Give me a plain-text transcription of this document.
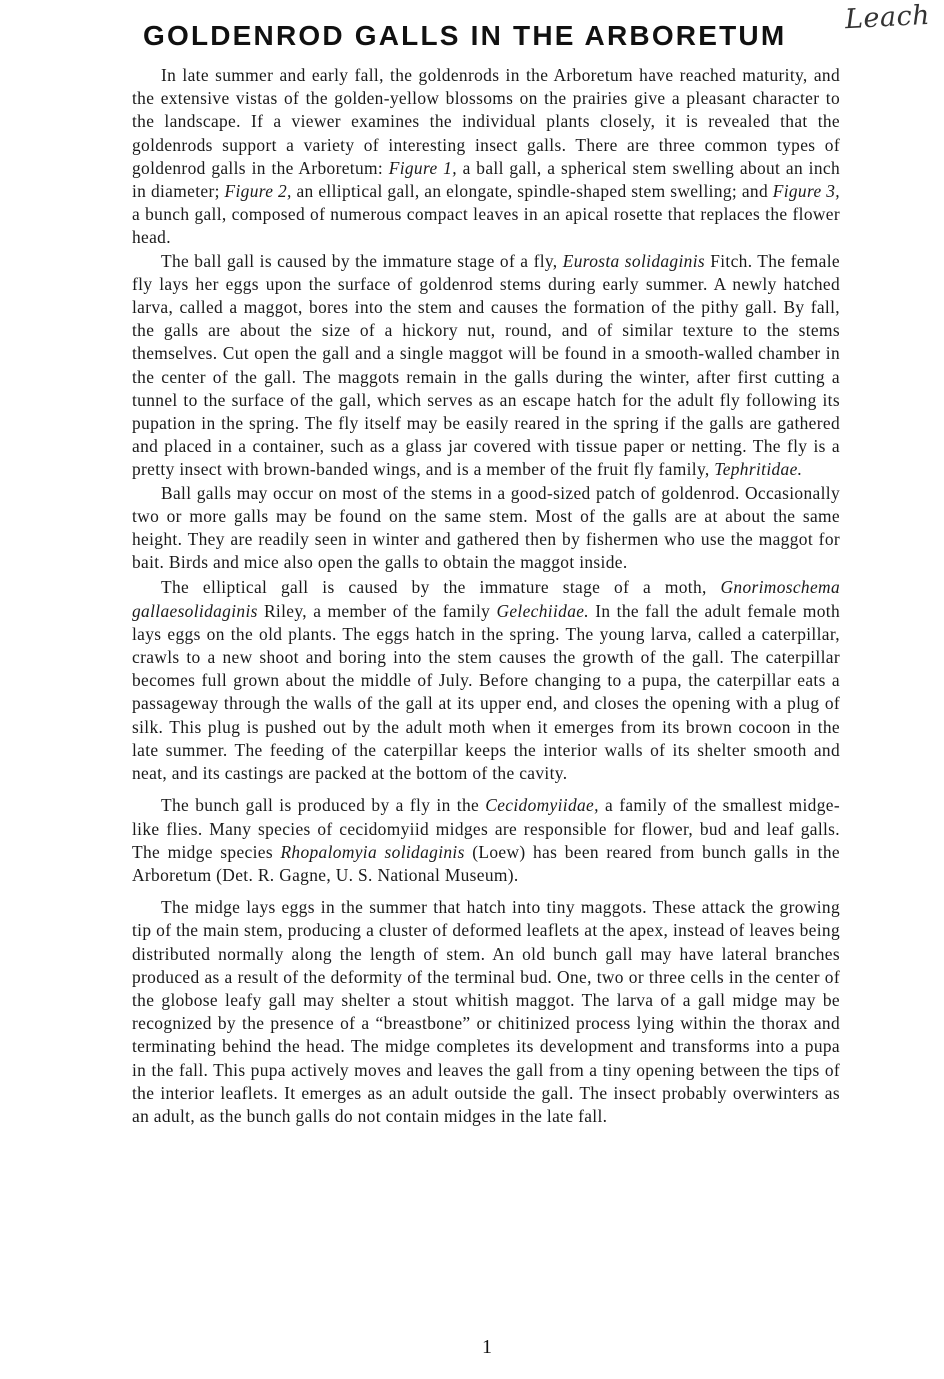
Leach
GOLDENROD GALLS IN THE ARBORETUM

In late summer and early fall, the goldenrods in the Arboretum have reached maturity, and the extensive vistas of the golden-yellow blossoms on the prairies give a pleasant character to the landscape. If a viewer examines the individual plants closely, it is revealed that the goldenrods support a variety of interesting insect galls. There are three common types of goldenrod galls in the Arboretum: Figure 1, a ball gall, a spherical stem swelling about an inch in diameter; Figure 2, an elliptical gall, an elongate, spindle-shaped stem swelling; and Figure 3, a bunch gall, composed of numerous compact leaves in an apical rosette that replaces the flower head.

The ball gall is caused by the immature stage of a fly, Eurosta solidaginis Fitch. The female fly lays her eggs upon the surface of goldenrod stems during early summer. A newly hatched larva, called a maggot, bores into the stem and causes the formation of the pithy gall. By fall, the galls are about the size of a hickory nut, round, and of similar texture to the stems themselves. Cut open the gall and a single maggot will be found in a smooth-walled chamber in the center of the gall. The maggots remain in the galls during the winter, after first cutting a tunnel to the surface of the gall, which serves as an escape hatch for the adult fly following its pupation in the spring. The fly itself may be easily reared in the spring if the galls are gathered and placed in a container, such as a glass jar covered with tissue paper or netting. The fly is a pretty insect with brown-banded wings, and is a member of the fruit fly family, Tephritidae.

Ball galls may occur on most of the stems in a good-sized patch of goldenrod. Occasionally two or more galls may be found on the same stem. Most of the galls are at about the same height. They are readily seen in winter and gathered then by fishermen who use the maggot for bait. Birds and mice also open the galls to obtain the maggot inside.

The elliptical gall is caused by the immature stage of a moth, Gnorimoschema gallaesolidaginis Riley, a member of the family Gelechiidae. In the fall the adult female moth lays eggs on the old plants. The eggs hatch in the spring. The young larva, called a caterpillar, crawls to a new shoot and boring into the stem causes the growth of the gall. The caterpillar becomes full grown about the middle of July. Before changing to a pupa, the caterpillar eats a passageway through the walls of the gall at its upper end, and closes the opening with a plug of silk. This plug is pushed out by the adult moth when it emerges from its brown cocoon in the late summer. The feeding of the caterpillar keeps the interior walls of its shelter smooth and neat, and its castings are packed at the bottom of the cavity.

The bunch gall is produced by a fly in the Cecidomyiidae, a family of the smallest midge-like flies. Many species of cecidomyiid midges are responsible for flower, bud and leaf galls. The midge species Rhopalomyia solidaginis (Loew) has been reared from bunch galls in the Arboretum (Det. R. Gagne, U. S. National Museum).

The midge lays eggs in the summer that hatch into tiny maggots. These attack the growing tip of the main stem, producing a cluster of deformed leaflets at the apex, instead of leaves being distributed normally along the length of stem. An old bunch gall may have lateral branches produced as a result of the deformity of the terminal bud. One, two or three cells in the center of the globose leafy gall may shelter a stout whitish maggot. The larva of a gall midge may be recognized by the presence of a “breastbone” or chitinized process lying within the thorax and terminating behind the head. The midge completes its development and transforms into a pupa in the fall. This pupa actively moves and leaves the gall from a tiny opening between the tips of the interior leaflets. It emerges as an adult outside the gall. The insect probably overwinters as an adult, as the bunch galls do not contain midges in the late fall.

1
